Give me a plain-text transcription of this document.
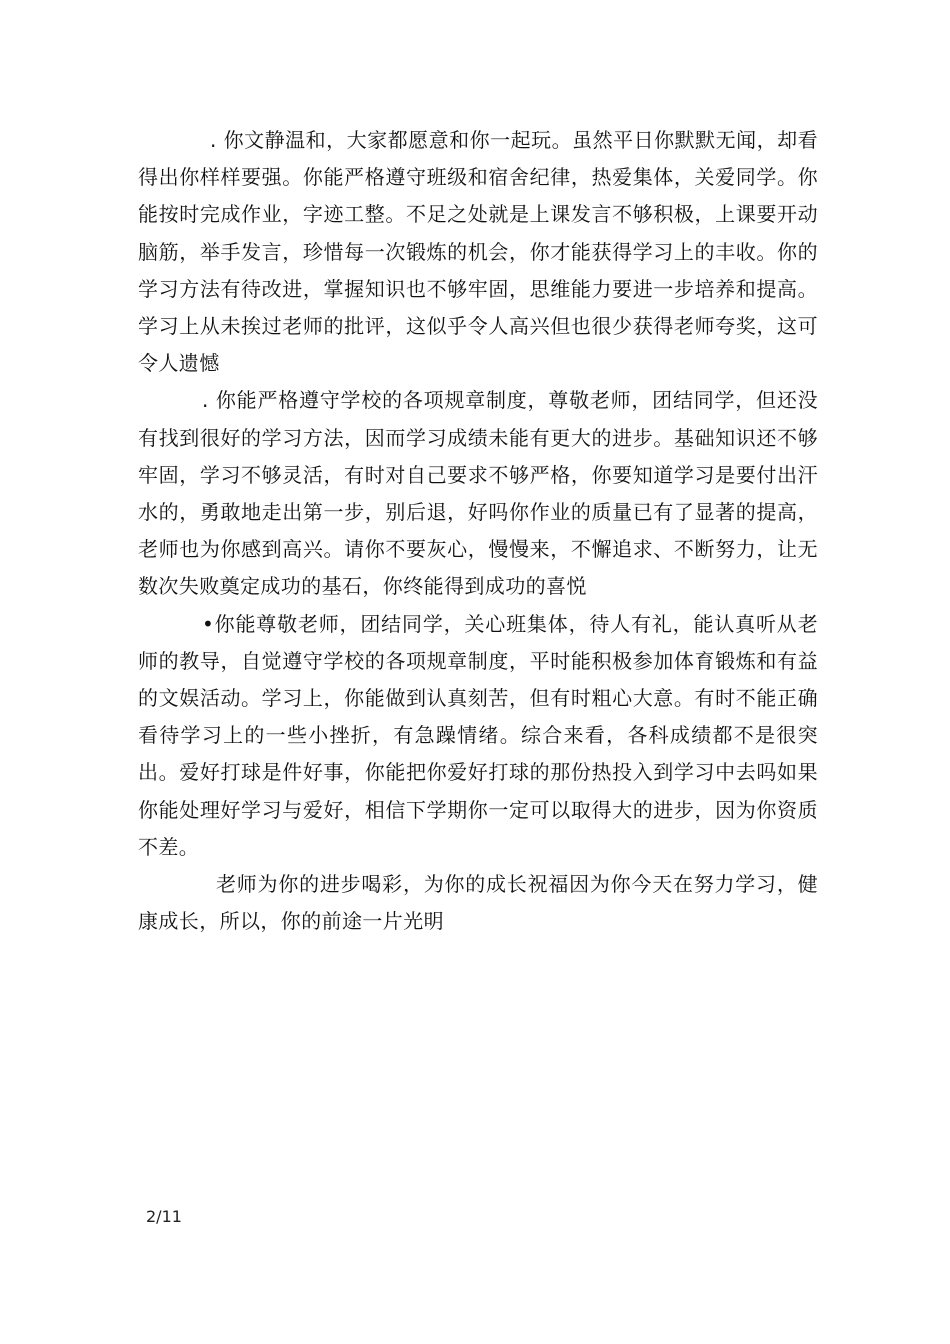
. 你文静温和，大家都愿意和你一起玩。虽然平日你默默无闻，却看得出你样样要强。你能严格遵守班级和宿舍纪律，热爱集体，关爱同学。你能按时完成作业，字迹工整。不足之处就是上课发言不够积极，上课要开动脑筋，举手发言，珍惜每一次锻炼的机会，你才能获得学习上的丰收。你的学习方法有待改进，掌握知识也不够牢固，思维能力要进一步培养和提高。学习上从未挨过老师的批评，这似乎令人高兴但也很少获得老师夸奖，这可令人遗憾

. 你能严格遵守学校的各项规章制度，尊敬老师，团结同学，但还没有找到很好的学习方法，因而学习成绩未能有更大的进步。基础知识还不够牢固，学习不够灵活，有时对自己要求不够严格，你要知道学习是要付出汗水的，勇敢地走出第一步，别后退，好吗你作业的质量已有了显著的提高，老师也为你感到高兴。请你不要灰心，慢慢来，不懈追求、不断努力，让无数次失败奠定成功的基石，你终能得到成功的喜悦

•你能尊敬老师，团结同学，关心班集体，待人有礼，能认真听从老师的教导，自觉遵守学校的各项规章制度，平时能积极参加体育锻炼和有益的文娱活动。学习上，你能做到认真刻苦，但有时粗心大意。有时不能正确看待学习上的一些小挫折，有急躁情绪。综合来看，各科成绩都不是很突出。爱好打球是件好事，你能把你爱好打球的那份热投入到学习中去吗如果你能处理好学习与爱好，相信下学期你一定可以取得大的进步，因为你资质不差。

老师为你的进步喝彩，为你的成长祝福因为你今天在努力学习，健康成长，所以，你的前途一片光明

2/11
